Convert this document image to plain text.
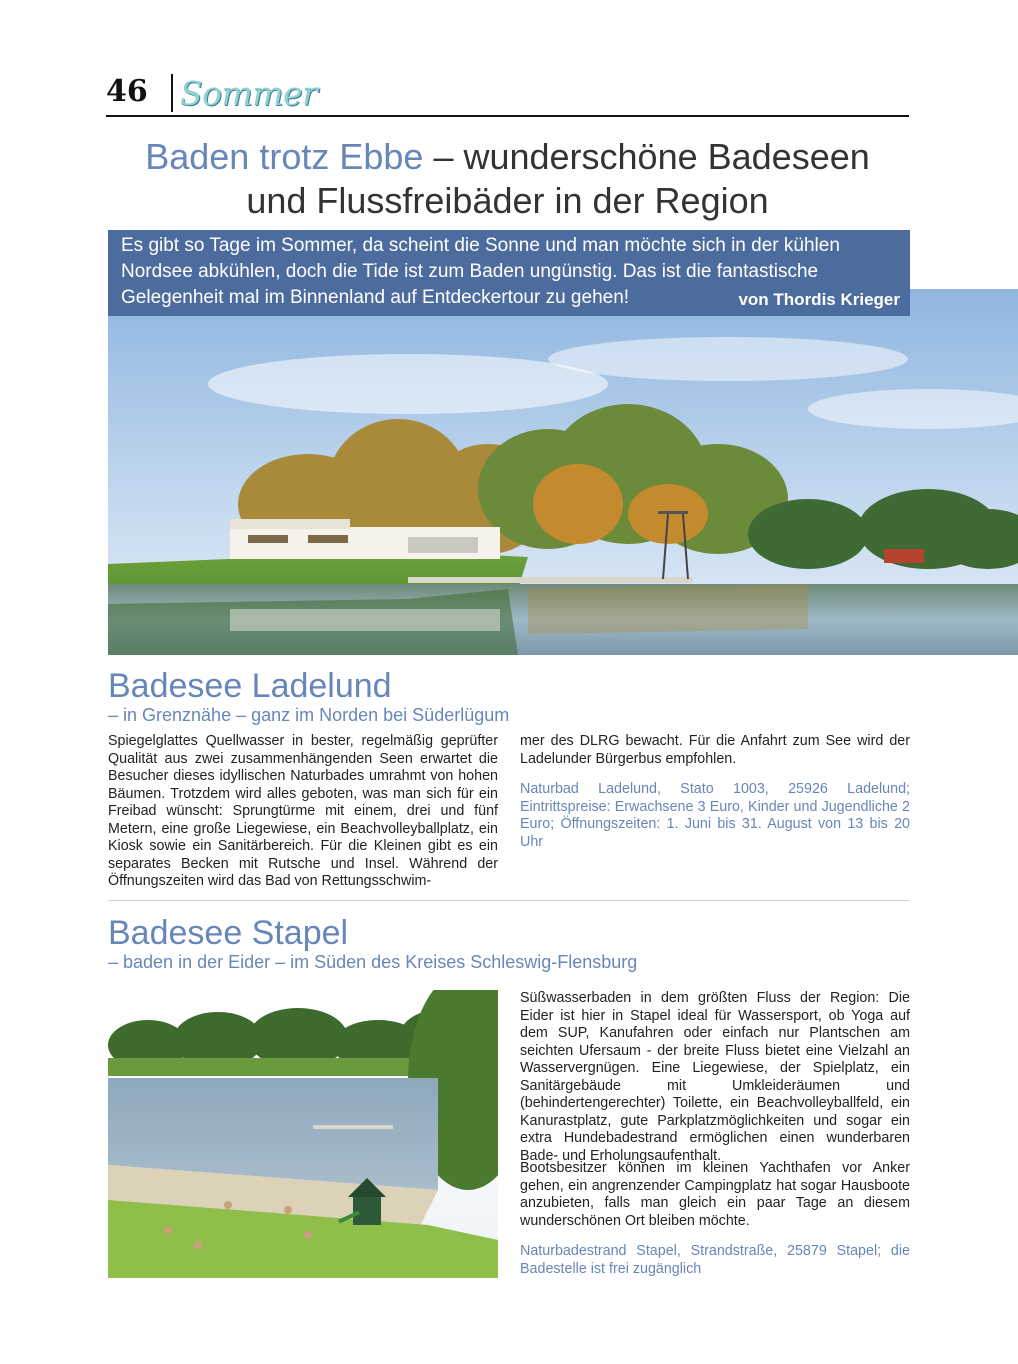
46 Sommer
Baden trotz Ebbe – wunderschöne Badeseen
und Flussfreibäder in der Region
Es gibt so Tage im Sommer, da scheint die Sonne und man möchte sich in der kühlen Nordsee abkühlen, doch die Tide ist zum Baden ungünstig. Das ist die fantastische Gelegenheit mal im Binnenland auf Entdeckertour zu gehen!	von Thordis Krieger
Badesee Ladelund
– in Grenznähe – ganz im Norden bei Süderlügum
Spiegelglattes Quellwasser in bester, regelmäßig geprüfter Qualität aus zwei zusammenhängenden Seen erwartet die Besucher dieses idyllischen Naturbades umrahmt von hohen Bäumen. Trotzdem wird alles geboten, was man sich für ein Freibad wünscht: Sprungtürme mit einem, drei und fünf Metern, eine große Liegewiese, ein Beachvolleyballplatz, ein Kiosk sowie ein Sanitärbereich. Für die Kleinen gibt es ein separates Becken mit Rutsche und Insel. Während der Öffnungszeiten wird das Bad von Rettungsschwim-
mer des DLRG bewacht. Für die Anfahrt zum See wird der Ladelunder Bürgerbus empfohlen.
Naturbad Ladelund, Stato 1003, 25926 Ladelund; Eintrittspreise: Erwachsene 3 Euro, Kinder und Jugendliche 2 Euro; Öffnungszeiten: 1. Juni bis 31. August von 13 bis 20 Uhr
Badesee Stapel
– baden in der Eider – im Süden des Kreises Schleswig-Flensburg
Süßwasserbaden in dem größten Fluss der Region: Die Eider ist hier in Stapel ideal für Wassersport, ob Yoga auf dem SUP, Kanufahren oder einfach nur Plantschen am seichten Ufersaum - der breite Fluss bietet eine Vielzahl an Wasservergnügen. Eine Liegewiese, der Spielplatz, ein Sanitärgebäude mit Umkleideräumen und (behindertengerechter) Toilette, ein Beachvolleyballfeld, ein Kanurastplatz, gute Parkplatzmöglichkeiten und sogar ein extra Hundebadestrand ermöglichen einen wunderbaren Bade- und Erholungsaufenthalt.
Bootsbesitzer können im kleinen Yachthafen vor Anker gehen, ein angrenzender Campingplatz hat sogar Hausboote anzubieten, falls man gleich ein paar Tage an diesem wunderschönen Ort bleiben möchte.
Naturbadestrand Stapel, Strandstraße, 25879 Stapel; die Badestelle ist frei zugänglich
